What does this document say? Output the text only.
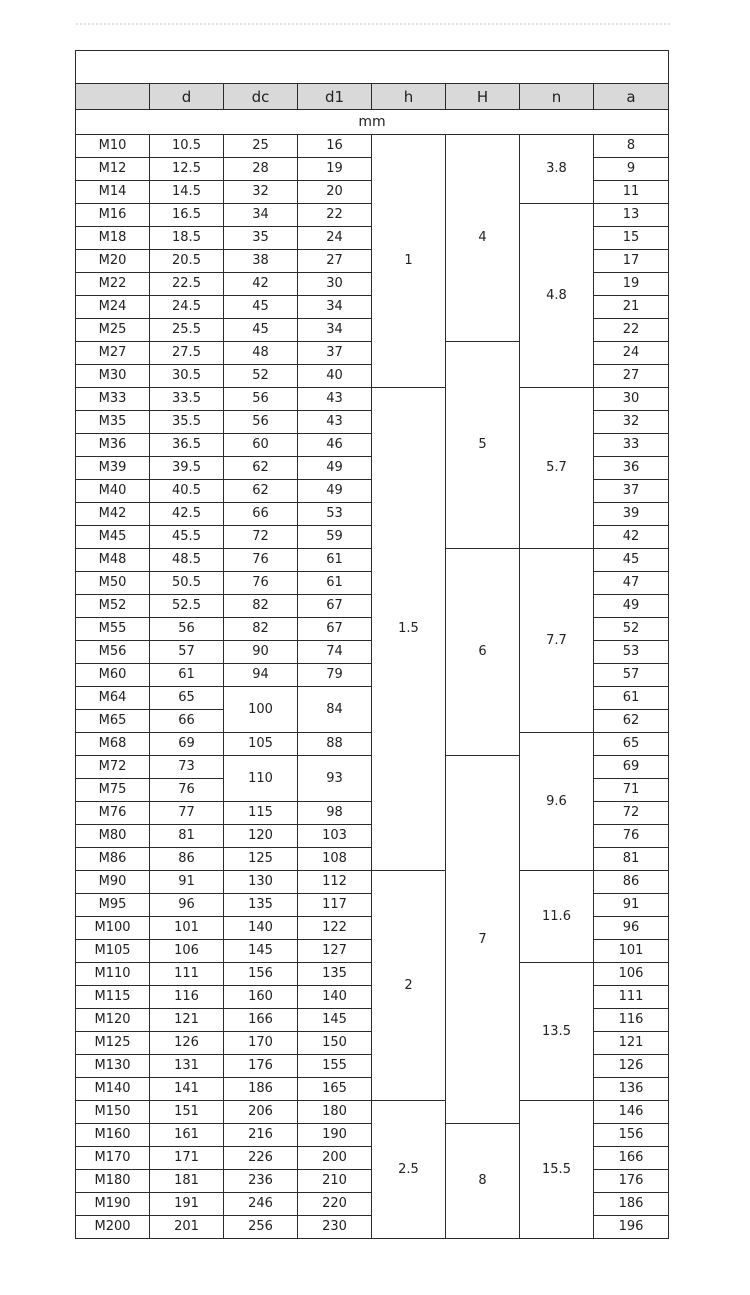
	d	dc	d1	h	H	n	a
mm							
M10	10.5	25	16	1	4	3.8	8
M12	12.5	28	19				9
M14	14.5	32	20				11
M16	16.5	34	22			4.8	13
M18	18.5	35	24				15
M20	20.5	38	27				17
M22	22.5	42	30				19
M24	24.5	45	34				21
M25	25.5	45	34				22
M27	27.5	48	37		5		24
M30	30.5	52	40				27
M33	33.5	56	43	1.5		5.7	30
M35	35.5	56	43				32
M36	36.5	60	46				33
M39	39.5	62	49				36
M40	40.5	62	49				37
M42	42.5	66	53				39
M45	45.5	72	59				42
M48	48.5	76	61		6	7.7	45
M50	50.5	76	61				47
M52	52.5	82	67				49
M55	56	82	67				52
M56	57	90	74				53
M60	61	94	79				57
M64	65	100	84				61
M65	66						62
M68	69	105	88			9.6	65
M72	73	110	93		7		69
M75	76						71
M76	77	115	98				72
M80	81	120	103				76
M86	86	125	108				81
M90	91	130	112	2		11.6	86
M95	96	135	117				91
M100	101	140	122				96
M105	106	145	127				101
M110	111	156	135			13.5	106
M115	116	160	140				111
M120	121	166	145				116
M125	126	170	150				121
M130	131	176	155				126
M140	141	186	165				136
M150	151	206	180	2.5		15.5	146
M160	161	216	190		8		156
M170	171	226	200				166
M180	181	236	210				176
M190	191	246	220				186
M200	201	256	230				196
